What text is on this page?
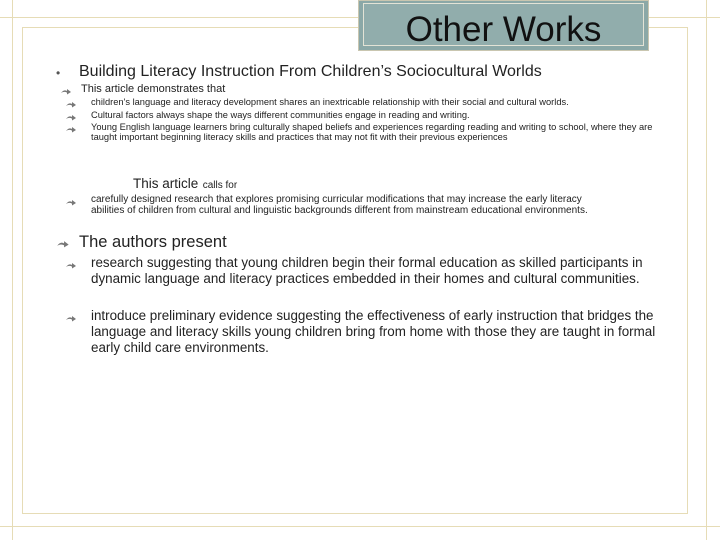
Other Works
• Building Literacy Instruction From Children’s Sociocultural Worlds
This article demonstrates that
children's language and literacy development shares an inextricable relationship with their social and cultural worlds.
Cultural factors always shape the ways different communities engage in reading and writing.
Young English language learners bring culturally shaped beliefs and experiences regarding reading and writing to school, where they are taught important beginning literacy skills and practices that may not fit with their previous experiences
This article calls for
carefully designed research that explores promising curricular modifications that may increase the early literacy abilities of children from cultural and linguistic backgrounds different from mainstream educational environments.
The authors present
research suggesting that young children begin their formal education as skilled participants in dynamic language and literacy practices embedded in their homes and cultural communities.
introduce preliminary evidence suggesting the effectiveness of early instruction that bridges the language and literacy skills young children bring from home with those they are taught in formal early child care environments.
